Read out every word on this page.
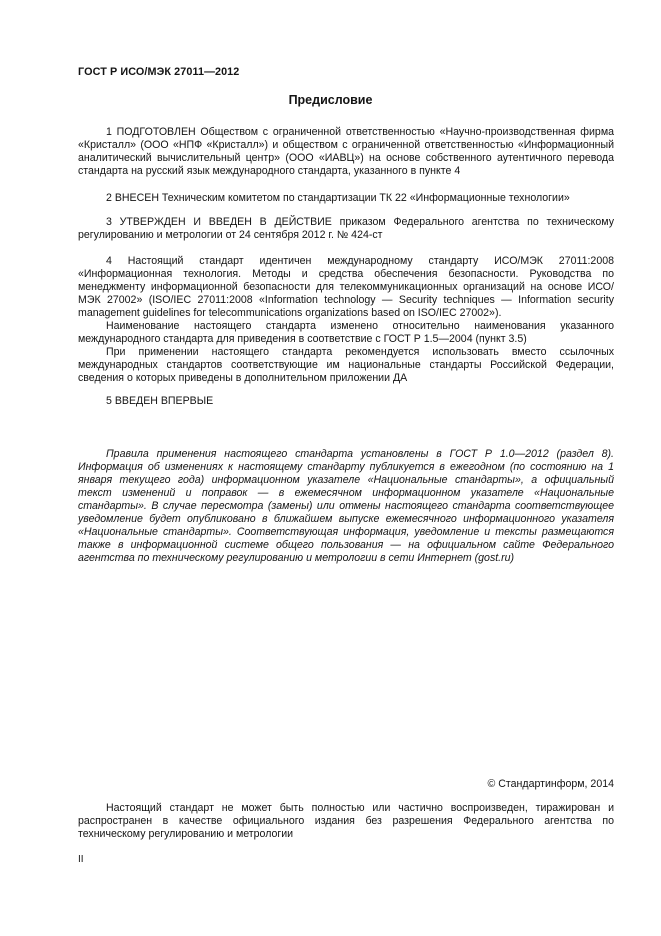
ГОСТ Р ИСО/МЭК 27011—2012
Предисловие

1 ПОДГОТОВЛЕН Обществом с ограниченной ответственностью «Научно-производственная фирма «Кристалл» (ООО «НПФ «Кристалл») и обществом с ограниченной ответственностью «Информационный аналитический вычислительный центр» (ООО «ИАВЦ») на основе собственного аутентичного перевода стандарта на русский язык международного стандарта, указанного в пункте 4

2 ВНЕСЕН Техническим комитетом по стандартизации ТК 22 «Информационные технологии»

3 УТВЕРЖДЕН И ВВЕДЕН В ДЕЙСТВИЕ приказом Федерального агентства по техническому регулированию и метрологии от 24 сентября 2012 г. № 424-ст

4 Настоящий стандарт идентичен международному стандарту ИСО/МЭК 27011:2008 «Информационная технология. Методы и средства обеспечения безопасности. Руководства по менеджменту информационной безопасности для телекоммуникационных организаций на основе ИСО/МЭК 27002» (ISO/IEC 27011:2008 «Information technology — Security techniques — Information security management guidelines for telecommunications organizations based on ISO/IEC 27002»).

Наименование настоящего стандарта изменено относительно наименования указанного международного стандарта для приведения в соответствие с ГОСТ Р 1.5—2004 (пункт 3.5)

При применении настоящего стандарта рекомендуется использовать вместо ссылочных международных стандартов соответствующие им национальные стандарты Российской Федерации, сведения о которых приведены в дополнительном приложении ДА

5 ВВЕДЕН ВПЕРВЫЕ

Правила применения настоящего стандарта установлены в ГОСТ Р 1.0—2012 (раздел 8). Информация об изменениях к настоящему стандарту публикуется в ежегодном (по состоянию на 1 января текущего года) информационном указателе «Национальные стандарты», а официальный текст изменений и поправок — в ежемесячном информационном указателе «Национальные стандарты». В случае пересмотра (замены) или отмены настоящего стандарта соответствующее уведомление будет опубликовано в ближайшем выпуске ежемесячного информационного указателя «Национальные стандарты». Соответствующая информация, уведомление и тексты размещаются также в информационной системе общего пользования — на официальном сайте Федерального агентства по техническому регулированию и метрологии в сети Интернет (gost.ru)

© Стандартинформ, 2014

Настоящий стандарт не может быть полностью или частично воспроизведен, тиражирован и распространен в качестве официального издания без разрешения Федерального агентства по техническому регулированию и метрологии

II
